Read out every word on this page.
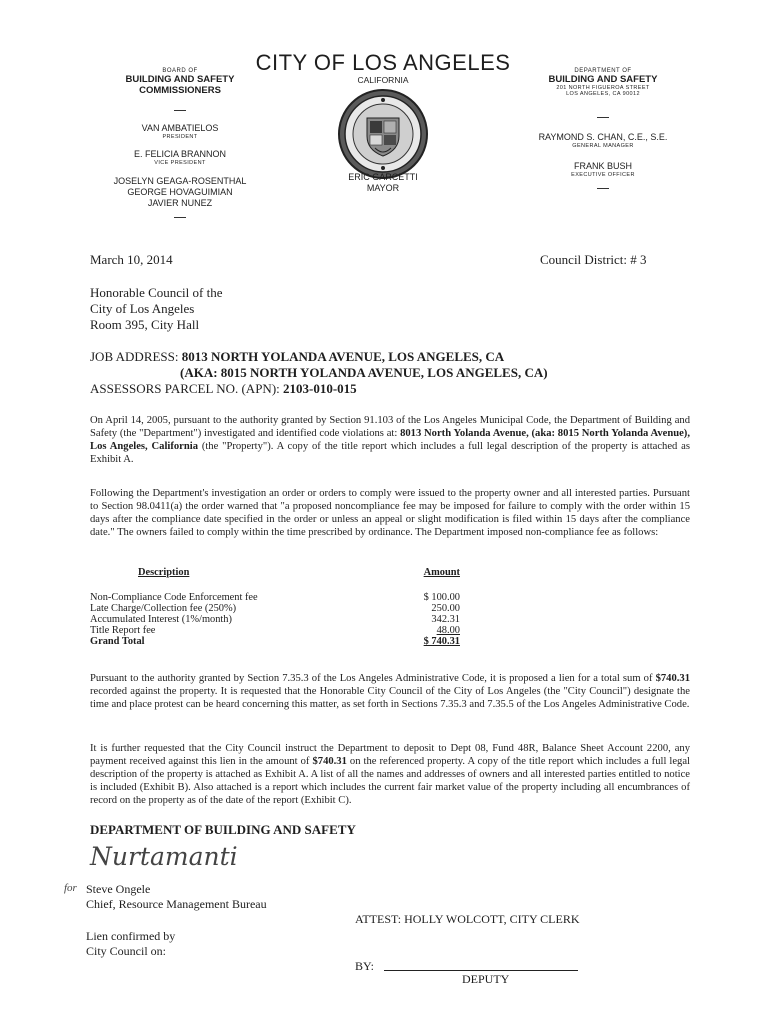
CITY OF LOS ANGELES
CALIFORNIA
BOARD OF
BUILDING AND SAFETY
COMMISSIONERS
VAN AMBATIELOS
PRESIDENT
E. FELICIA BRANNON
VICE PRESIDENT
JOSELYN GEAGA-ROSENTHAL
GEORGE HOVAGUIMIAN
JAVIER NUNEZ
ERIC GARCETTI
MAYOR
DEPARTMENT OF
BUILDING AND SAFETY
201 NORTH FIGUEROA STREET
LOS ANGELES, CA 90012
RAYMOND S. CHAN, C.E., S.E.
GENERAL MANAGER
FRANK BUSH
EXECUTIVE OFFICER
March 10, 2014	Council District: # 3
Honorable Council of the
City of Los Angeles
Room 395, City Hall
JOB ADDRESS: 8013 NORTH YOLANDA AVENUE, LOS ANGELES, CA
(AKA: 8015 NORTH YOLANDA AVENUE, LOS ANGELES, CA)
ASSESSORS PARCEL NO. (APN): 2103-010-015
On April 14, 2005, pursuant to the authority granted by Section 91.103 of the Los Angeles Municipal Code, the Department of Building and Safety (the "Department") investigated and identified code violations at: 8013 North Yolanda Avenue, (aka: 8015 North Yolanda Avenue), Los Angeles, California (the "Property"). A copy of the title report which includes a full legal description of the property is attached as Exhibit A.
Following the Department's investigation an order or orders to comply were issued to the property owner and all interested parties. Pursuant to Section 98.0411(a) the order warned that "a proposed noncompliance fee may be imposed for failure to comply with the order within 15 days after the compliance date specified in the order or unless an appeal or slight modification is filed within 15 days after the compliance date." The owners failed to comply within the time prescribed by ordinance. The Department imposed non-compliance fee as follows:
Description	Amount
Non-Compliance Code Enforcement fee	$ 100.00
Late Charge/Collection fee (250%)	250.00
Accumulated Interest (1%/month)	342.31
Title Report fee	48.00
Grand Total	$ 740.31
Pursuant to the authority granted by Section 7.35.3 of the Los Angeles Administrative Code, it is proposed a lien for a total sum of $740.31 recorded against the property. It is requested that the Honorable City Council of the City of Los Angeles (the "City Council") designate the time and place protest can be heard concerning this matter, as set forth in Sections 7.35.3 and 7.35.5 of the Los Angeles Administrative Code.
It is further requested that the City Council instruct the Department to deposit to Dept 08, Fund 48R, Balance Sheet Account 2200, any payment received against this lien in the amount of $740.31 on the referenced property. A copy of the title report which includes a full legal description of the property is attached as Exhibit A. A list of all the names and addresses of owners and all interested parties entitled to notice is included (Exhibit B). Also attached is a report which includes the current fair market value of the property including all encumbrances of record on the property as of the date of the report (Exhibit C).
DEPARTMENT OF BUILDING AND SAFETY
Nurtamanti
for Steve Ongele
Chief, Resource Management Bureau
ATTEST: HOLLY WOLCOTT, CITY CLERK
Lien confirmed by
City Council on:
BY:
DEPUTY
